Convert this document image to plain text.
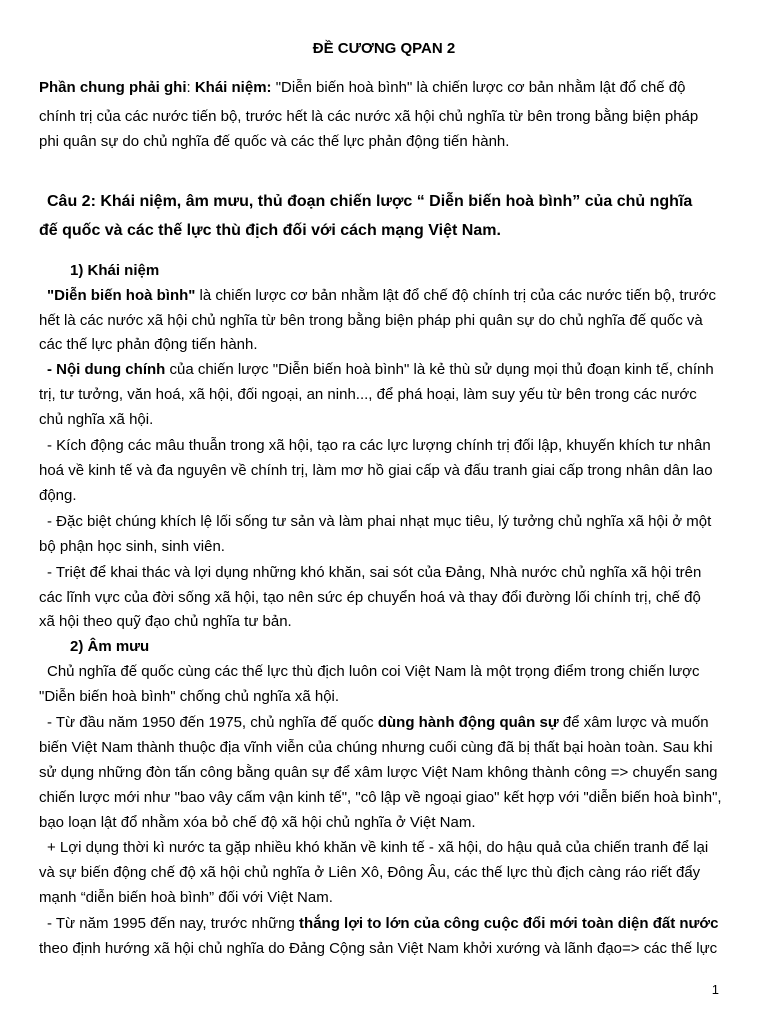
ĐỀ CƯƠNG QPAN 2
Phần chung phải ghi: Khái niệm: "Diễn biến hoà bình" là chiến lược cơ bản nhằm lật đổ chế độ
chính trị của các nước tiến bộ, trước hết là các nước xã hội chủ nghĩa từ bên trong bằng biện pháp
phi quân sự do chủ nghĩa đế quốc và các thế lực phản động tiến hành.
Câu 2: Khái niệm, âm mưu, thủ đoạn chiến lược “ Diễn biến hoà bình” của chủ nghĩa
đế quốc và các thế lực thù địch đối với cách mạng Việt Nam.
1) Khái niệm
"Diễn biến hoà bình" là chiến lược cơ bản nhằm lật đổ chế độ chính trị của các nước tiến bộ, trước
hết là các nước xã hội chủ nghĩa từ bên trong bằng biện pháp phi quân sự do chủ nghĩa đế quốc và
các thế lực phản động tiến hành.
- Nội dung chính của chiến lược "Diễn biến hoà bình" là kẻ thù sử dụng mọi thủ đoạn kinh tế, chính
trị, tư tưởng, văn hoá, xã hội, đối ngoại, an ninh..., để phá hoại, làm suy yếu từ bên trong các nước
chủ nghĩa xã hội.
- Kích động các mâu thuẫn trong xã hội, tạo ra các lực lượng chính trị đối lập, khuyến khích tư nhân
hoá về kinh tế và đa nguyên về chính trị, làm mơ hồ giai cấp và đấu tranh giai cấp trong nhân dân lao
động.
- Đặc biệt chúng khích lệ lối sống tư sản và làm phai nhạt mục tiêu, lý tưởng chủ nghĩa xã hội ở một
bộ phận học sinh, sinh viên.
- Triệt để khai thác và lợi dụng những khó khăn, sai sót của Đảng, Nhà nước chủ nghĩa xã hội trên
các lĩnh vực của đời sống xã hội, tạo nên sức ép chuyển hoá và thay đổi đường lối chính trị, chế độ
xã hội theo quỹ đạo chủ nghĩa tư bản.
2) Âm mưu
Chủ nghĩa đế quốc cùng các thế lực thù địch luôn coi Việt Nam là một trọng điểm trong chiến lược
"Diễn biến hoà bình" chống chủ nghĩa xã hội.
- Từ đầu năm 1950 đến 1975, chủ nghĩa đế quốc dùng hành động quân sự để xâm lược và muốn
biến Việt Nam thành thuộc địa vĩnh viễn của chúng nhưng cuối cùng đã bị thất bại hoàn toàn. Sau khi
sử dụng những đòn tấn công bằng quân sự để xâm lược Việt Nam không thành công => chuyển sang
chiến lược mới như "bao vây cấm vận kinh tế", "cô lập về ngoại giao" kết hợp với "diễn biến hoà bình",
bạo loạn lật đổ nhằm xóa bỏ chế độ xã hội chủ nghĩa ở Việt Nam.
+ Lợi dụng thời kì nước ta gặp nhiều khó khăn về kinh tế - xã hội, do hậu quả của chiến tranh để lại
và sự biến động chế độ xã hội chủ nghĩa ở Liên Xô, Đông Âu, các thế lực thù địch càng ráo riết đẩy
mạnh “diễn biến hoà bình” đối với Việt Nam.
- Từ năm 1995 đến nay, trước những thắng lợi to lớn của công cuộc đổi mới toàn diện đất nước
theo định hướng xã hội chủ nghĩa do Đảng Cộng sản Việt Nam khởi xướng và lãnh đạo=> các thế lực
1
